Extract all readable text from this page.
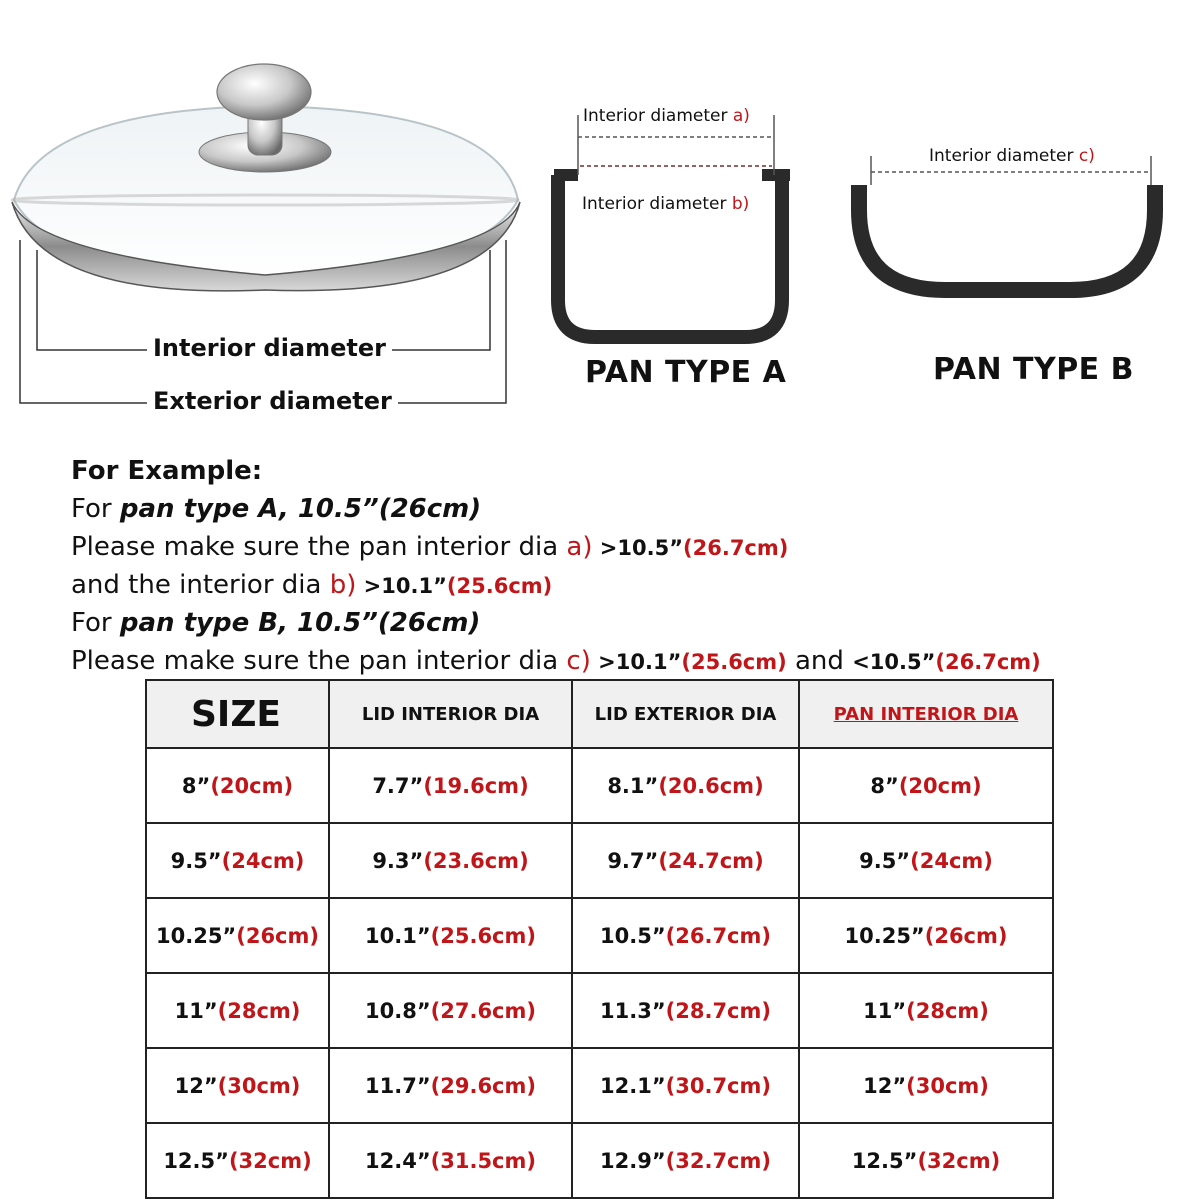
Interior diameter
Exterior diameter
Interior diameter a)
Interior diameter b)
PAN TYPE A
Interior diameter c)
PAN TYPE B
For Example:
For pan type A, 10.5”(26cm)
Please make sure the pan interior dia a) >10.5”(26.7cm)
and the interior dia b) >10.1”(25.6cm)
For pan type B, 10.5”(26cm)
Please make sure the pan interior dia c) >10.1”(25.6cm) and <10.5”(26.7cm)
SIZE	LID INTERIOR DIA	LID EXTERIOR DIA	PAN INTERIOR DIA
8”(20cm)	7.7”(19.6cm)	8.1”(20.6cm)	8”(20cm)
9.5”(24cm)	9.3”(23.6cm)	9.7”(24.7cm)	9.5”(24cm)
10.25”(26cm)	10.1”(25.6cm)	10.5”(26.7cm)	10.25”(26cm)
11”(28cm)	10.8”(27.6cm)	11.3”(28.7cm)	11”(28cm)
12”(30cm)	11.7”(29.6cm)	12.1”(30.7cm)	12”(30cm)
12.5”(32cm)	12.4”(31.5cm)	12.9”(32.7cm)	12.5”(32cm)
